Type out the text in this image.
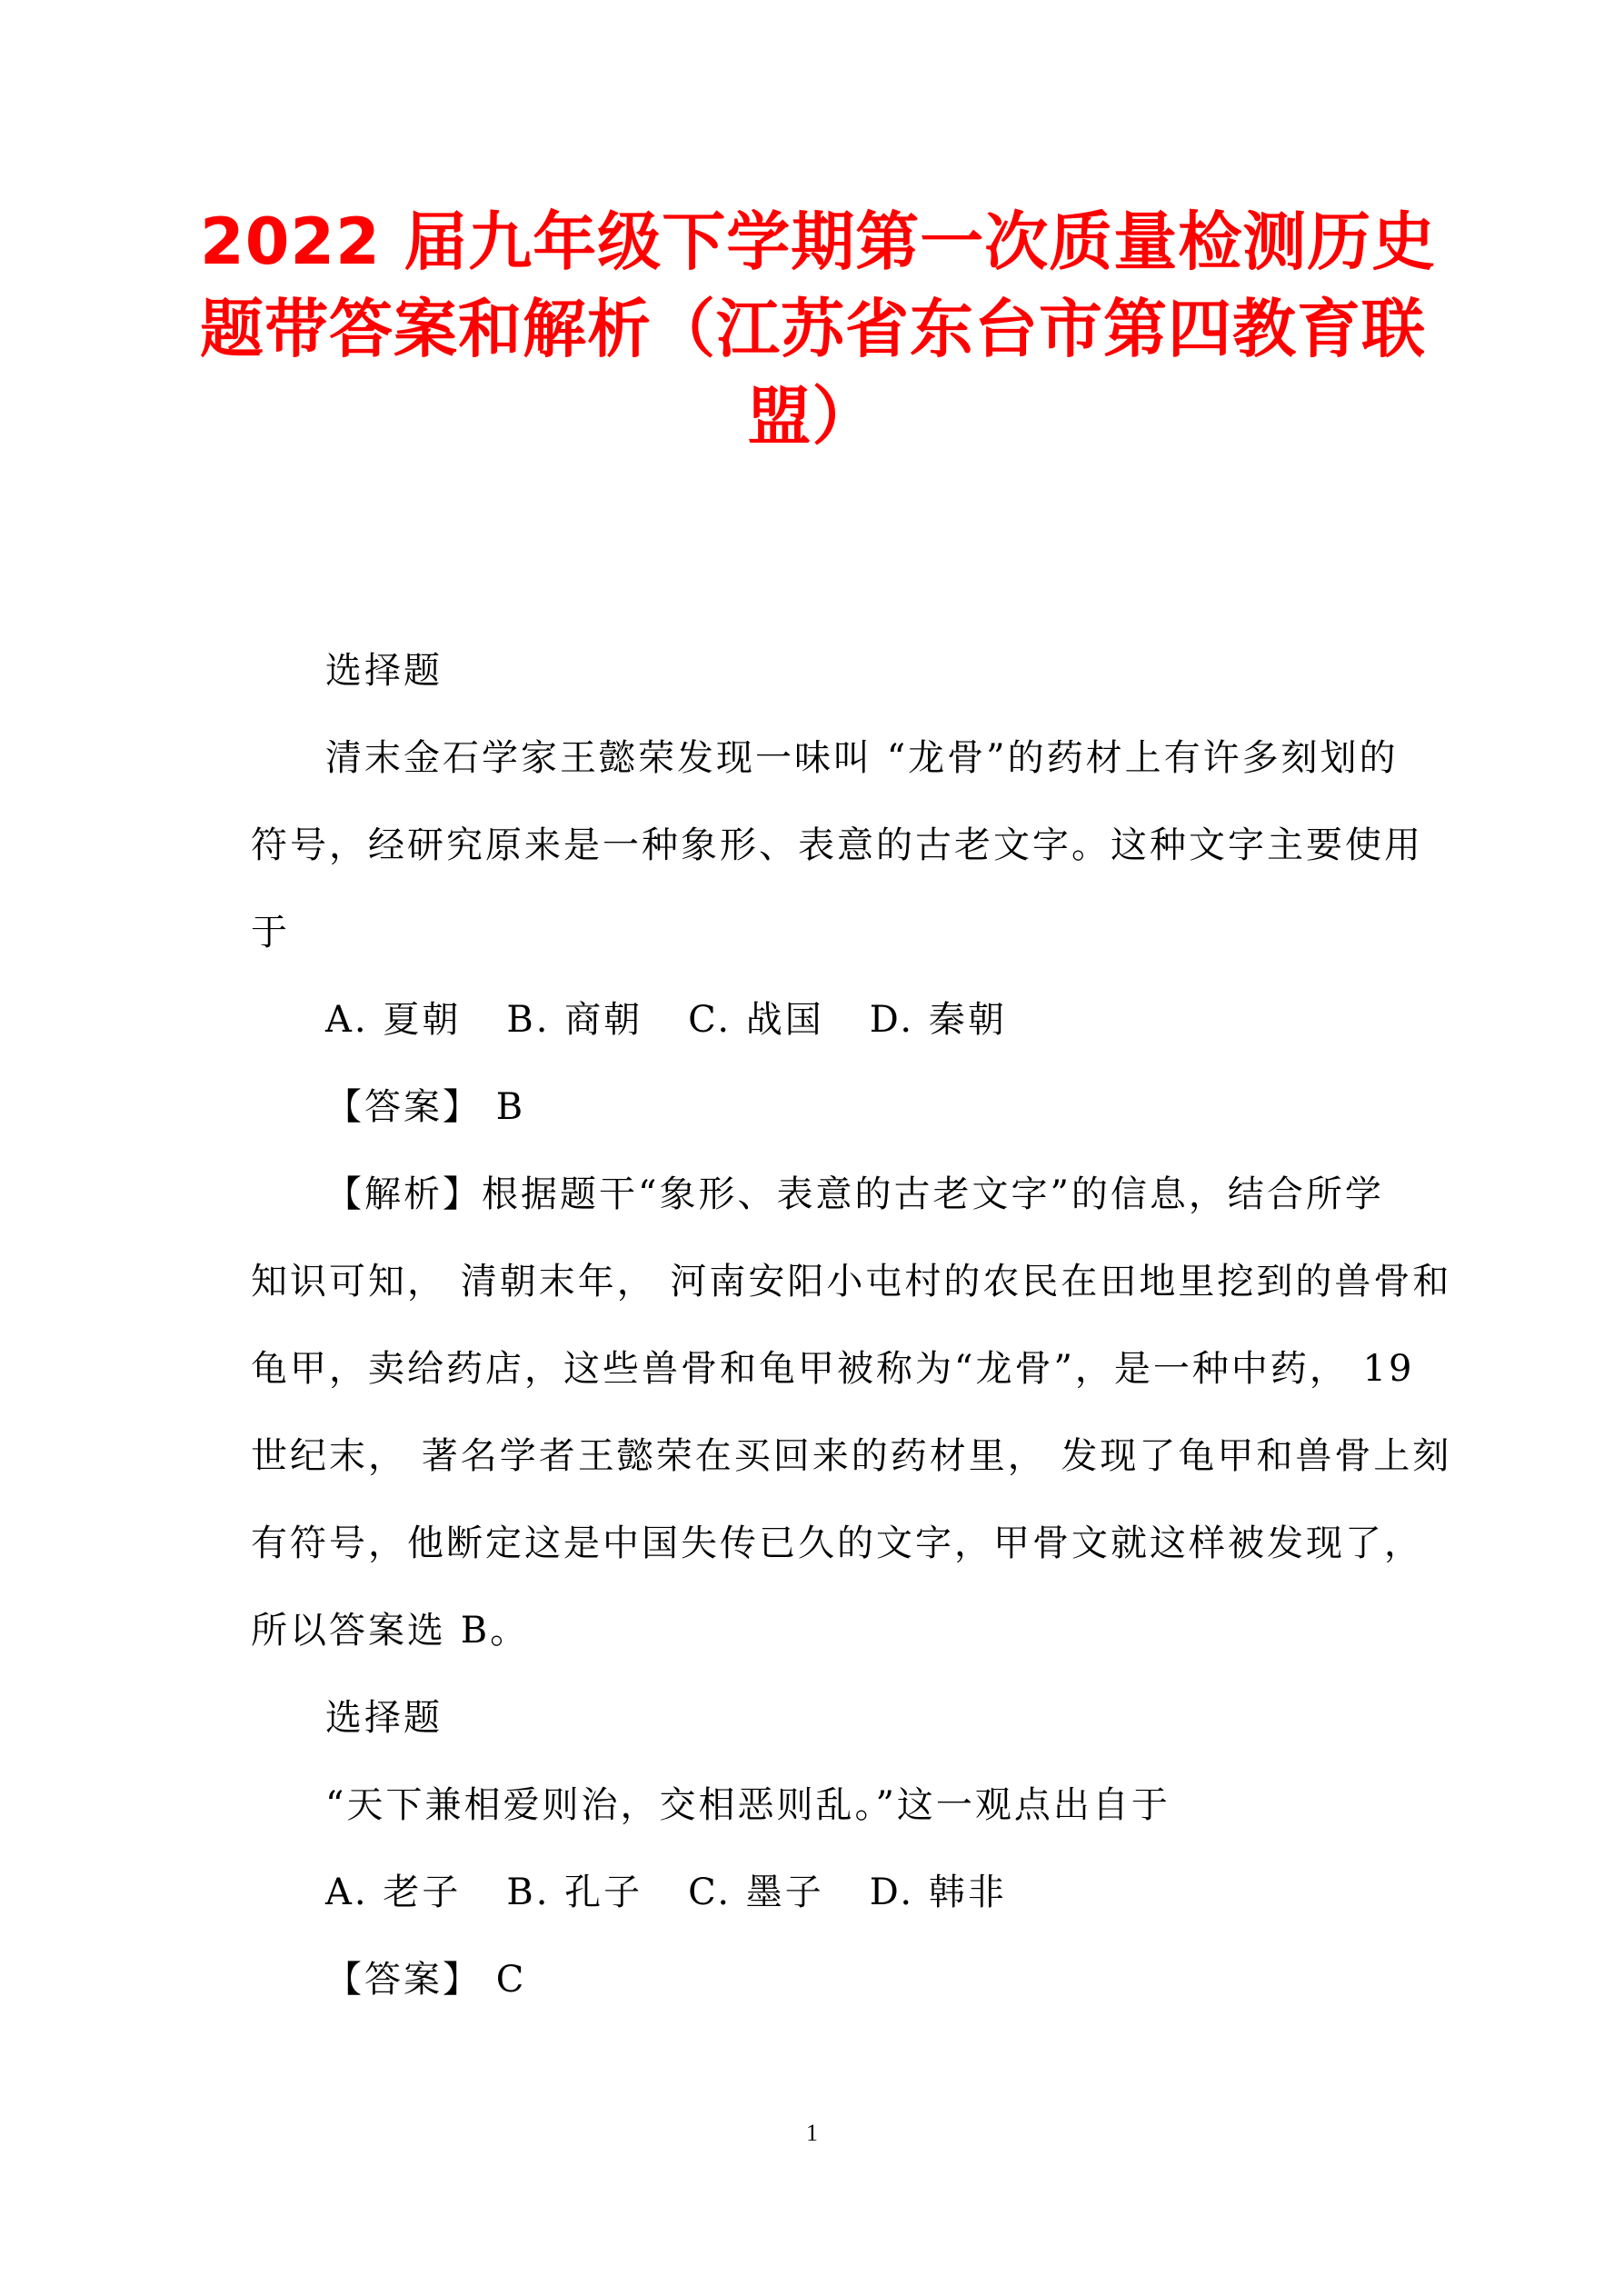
2022 届九年级下学期第一次质量检测历史
题带答案和解析（江苏省东台市第四教育联
盟）
选择题
清末金石学家王懿荣发现一味叫 “龙骨”的药材上有许多刻划的
符号，经研究原来是一种象形、表意的古老文字。这种文字主要使用
于
A. 夏朝 B. 商朝 C. 战国 D. 秦朝
【答案】 B
【解析】根据题干“象形、表意的古老文字”的信息，结合所学
知识可知， 清朝末年， 河南安阳小屯村的农民在田地里挖到的兽骨和
龟甲，卖给药店，这些兽骨和龟甲被称为“龙骨”，是一种中药， 19
世纪末， 著名学者王懿荣在买回来的药材里， 发现了龟甲和兽骨上刻
有符号，他断定这是中国失传已久的文字，甲骨文就这样被发现了，
所以答案选 B。
选择题
“天下兼相爱则治，交相恶则乱。”这一观点出自于
A. 老子 B. 孔子 C. 墨子 D. 韩非
【答案】 C
1
